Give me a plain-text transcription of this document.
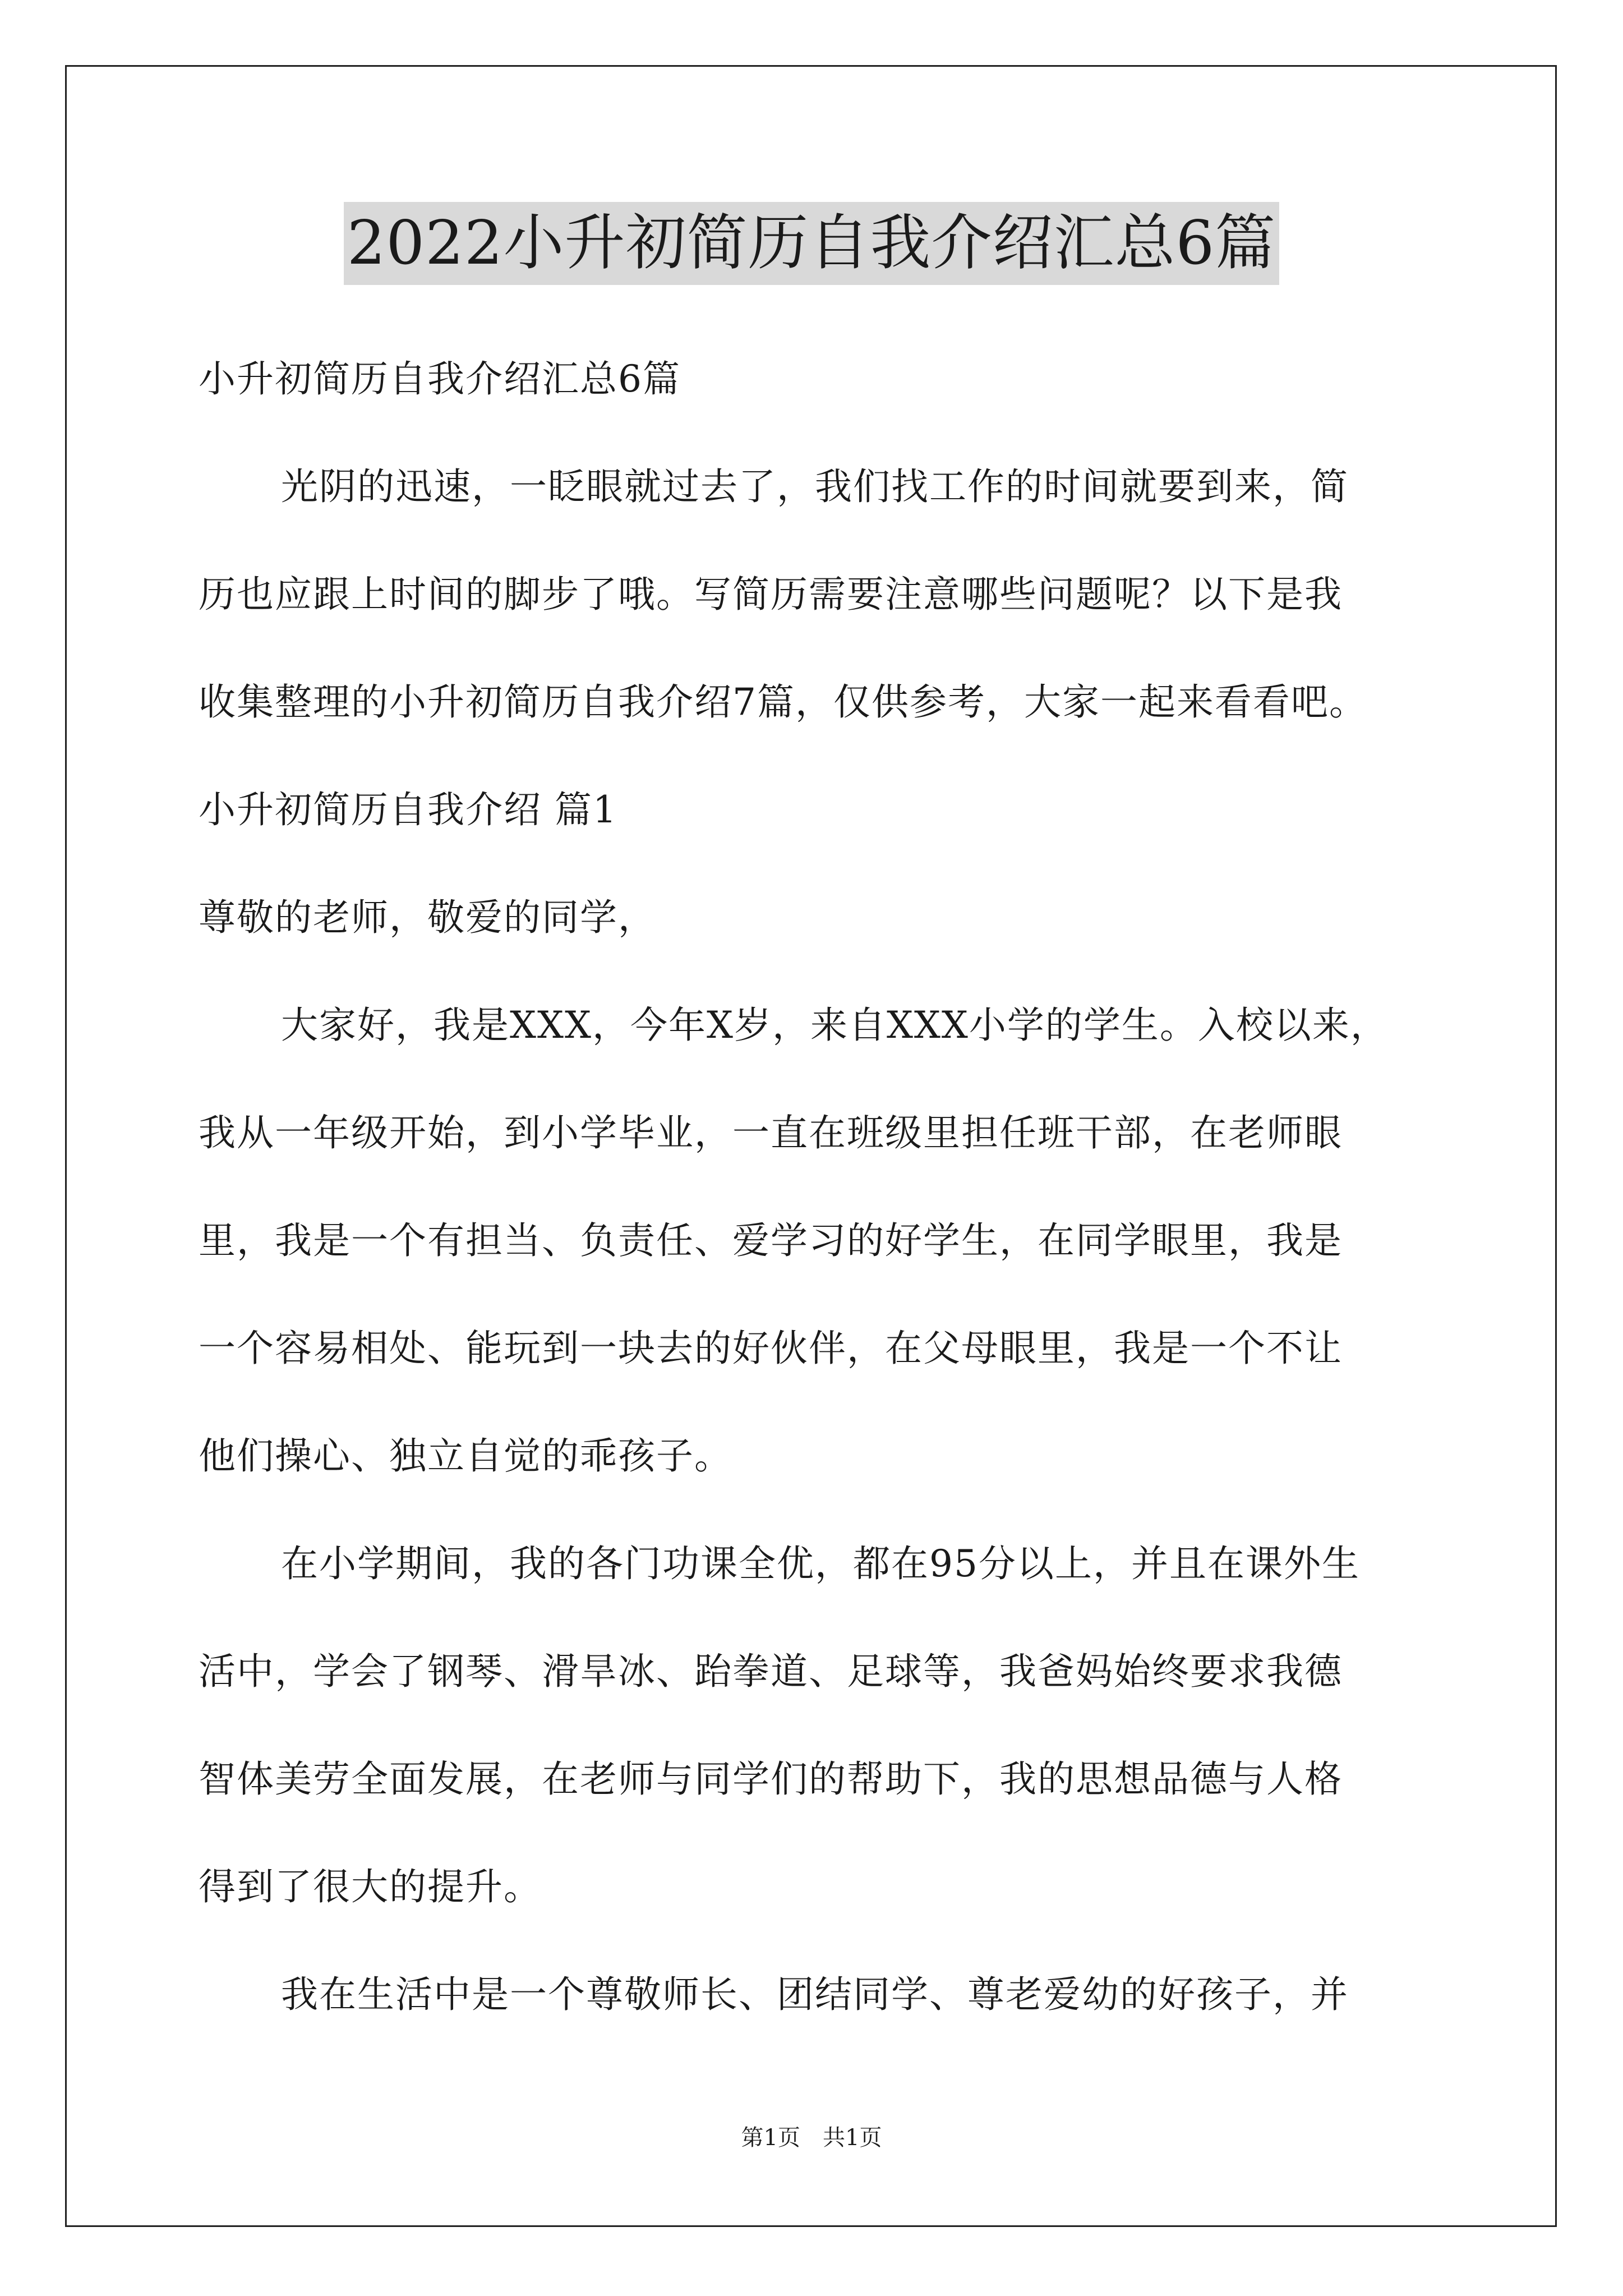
2022小升初简历自我介绍汇总6篇
小升初简历自我介绍汇总6篇
光阴的迅速，一眨眼就过去了，我们找工作的时间就要到来，简
历也应跟上时间的脚步了哦。写简历需要注意哪些问题呢？以下是我
收集整理的小升初简历自我介绍7篇，仅供参考，大家一起来看看吧。
小升初简历自我介绍 篇1
尊敬的老师，敬爱的同学，
大家好，我是XXX，今年X岁，来自XXX小学的学生。入校以来，
我从一年级开始，到小学毕业，一直在班级里担任班干部，在老师眼
里，我是一个有担当、负责任、爱学习的好学生，在同学眼里，我是
一个容易相处、能玩到一块去的好伙伴，在父母眼里，我是一个不让
他们操心、独立自觉的乖孩子。
在小学期间，我的各门功课全优，都在95分以上，并且在课外生
活中，学会了钢琴、滑旱冰、跆拳道、足球等，我爸妈始终要求我德
智体美劳全面发展，在老师与同学们的帮助下，我的思想品德与人格
得到了很大的提升。
我在生活中是一个尊敬师长、团结同学、尊老爱幼的好孩子，并
第1页　共1页
